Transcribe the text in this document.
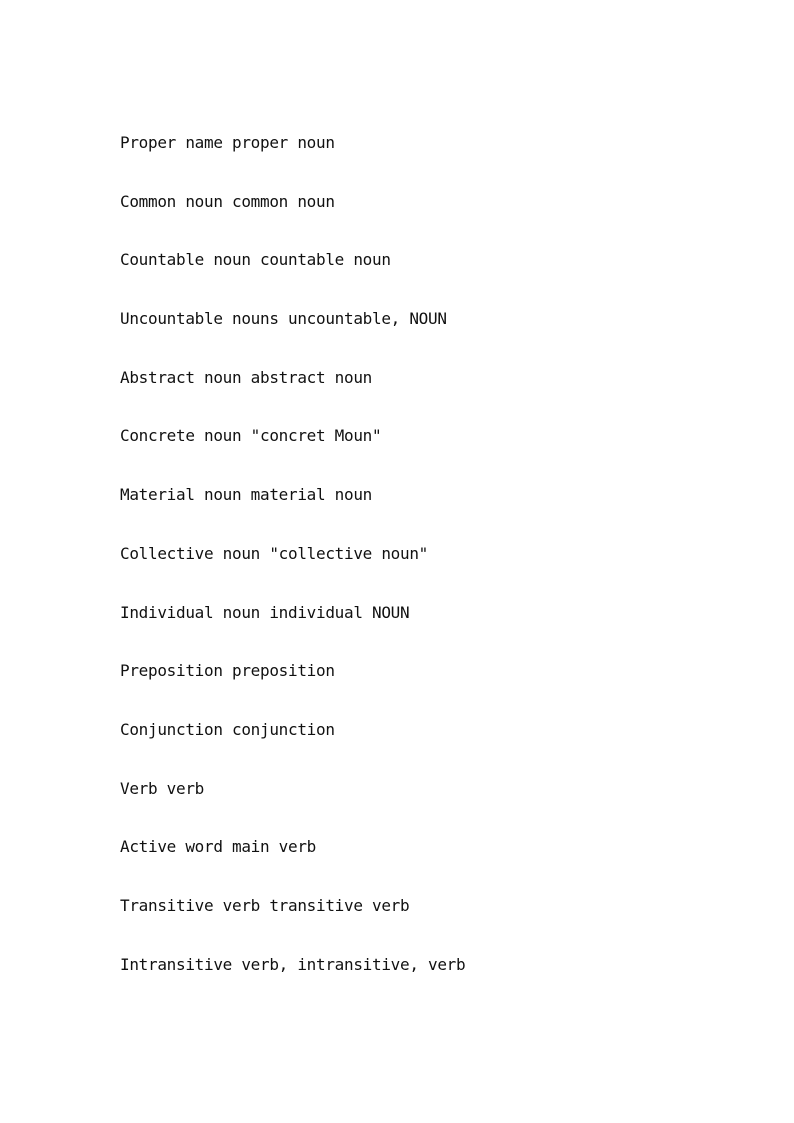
Proper name proper noun
Common noun common noun
Countable noun countable noun
Uncountable nouns uncountable, NOUN
Abstract noun abstract noun
Concrete noun "concret Moun"
Material noun material noun
Collective noun "collective noun"
Individual noun individual NOUN
Preposition preposition
Conjunction conjunction
Verb verb
Active word main verb
Transitive verb transitive verb
Intransitive verb, intransitive, verb
